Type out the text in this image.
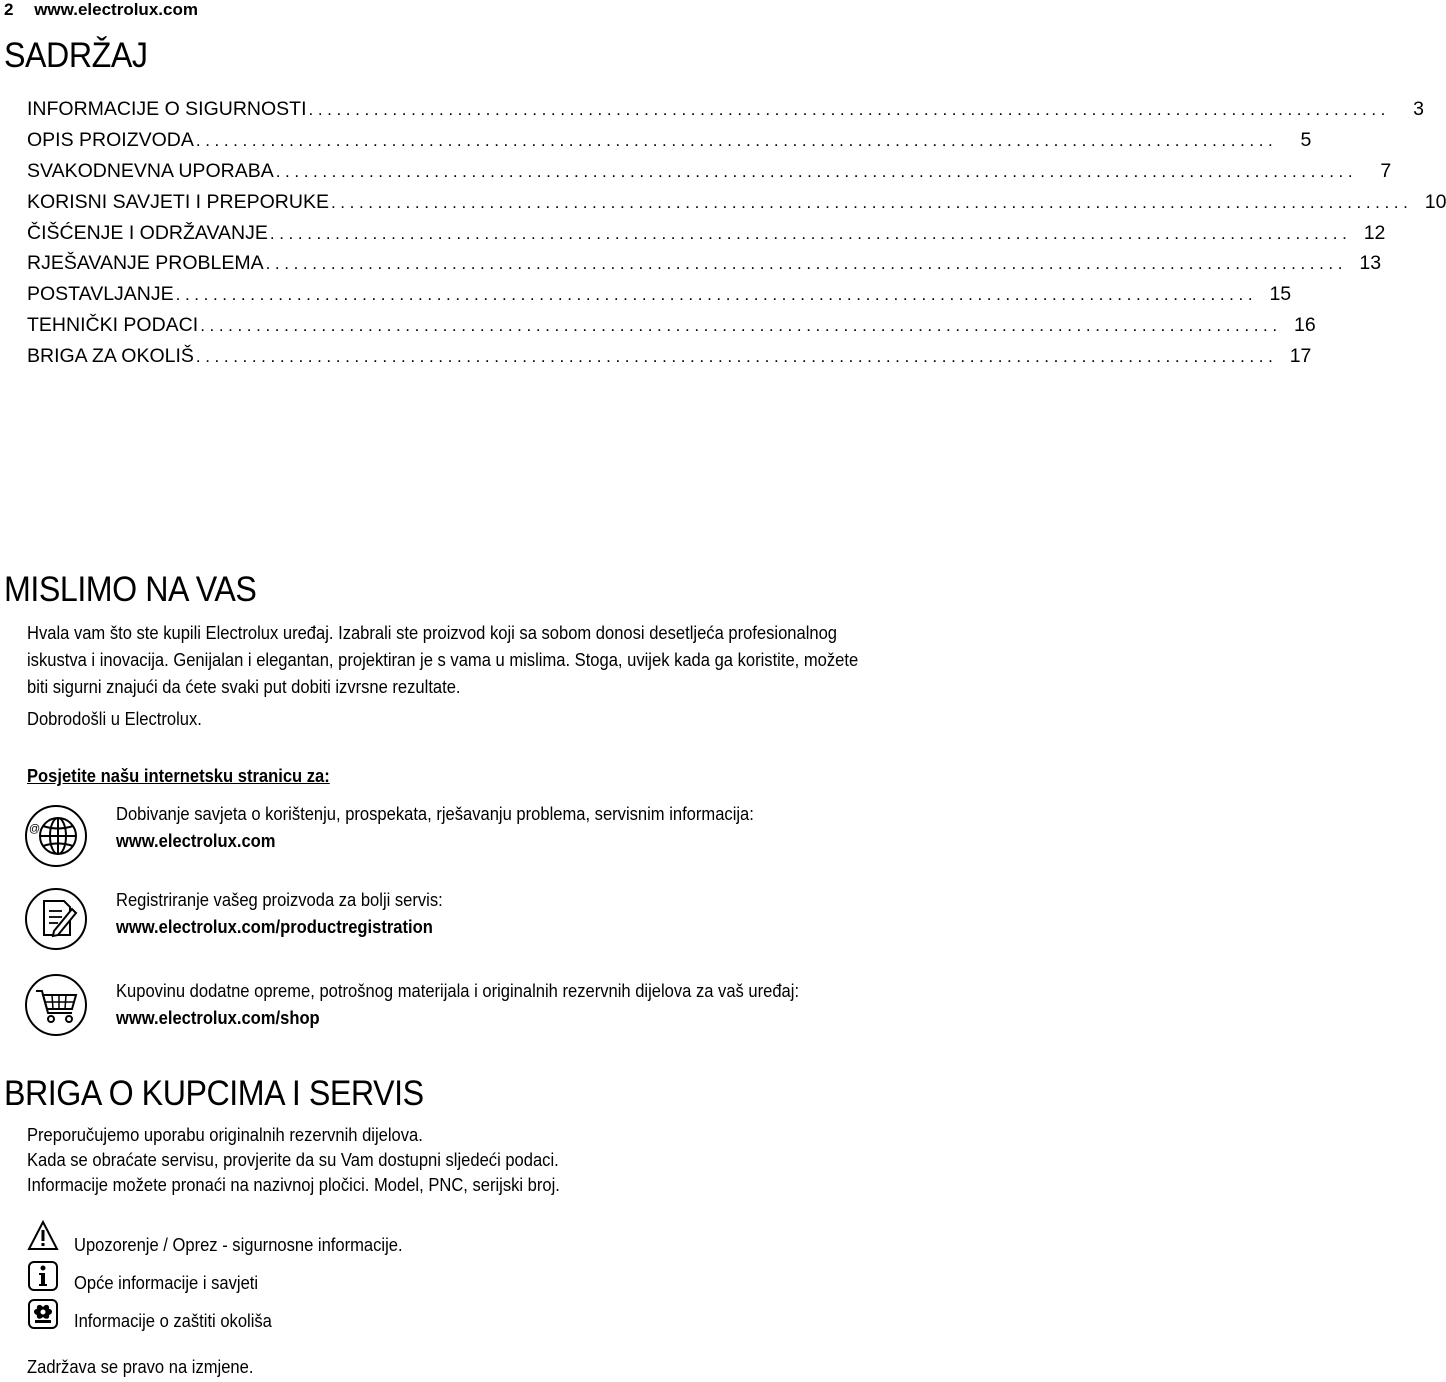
2 www.electrolux.com
SADRŽAJ
INFORMACIJE O SIGURNOSTI ....................................................................................................................	3
OPIS PROIZVODA ....................................................................................................................	5
SVAKODNEVNA UPORABA ....................................................................................................................	7
KORISNI SAVJETI I PREPORUKE .................................................................................................................... 10
ČIŠĆENJE I ODRŽAVANJE .................................................................................................................... 12
RJEŠAVANJE PROBLEMA .................................................................................................................... 13
POSTAVLJANJE .................................................................................................................... 15
TEHNIČKI PODACI .................................................................................................................... 16
BRIGA ZA OKOLIŠ .................................................................................................................... 17
MISLIMO NA VAS
Hvala vam što ste kupili Electrolux uređaj. Izabrali ste proizvod koji sa sobom donosi desetljeća profesionalnog
iskustva i inovacija. Genijalan i elegantan, projektiran je s vama u mislima. Stoga, uvijek kada ga koristite, možete
biti sigurni znajući da ćete svaki put dobiti izvrsne rezultate.
Dobrodošli u Electrolux.
Posjetite našu internetsku stranicu za:
@
Dobivanje savjeta o korištenju, prospekata, rješavanju problema, servisnim informacija:
www.electrolux.com
Registriranje vašeg proizvoda za bolji servis:
www.electrolux.com/productregistration
Kupovinu dodatne opreme, potrošnog materijala i originalnih rezervnih dijelova za vaš uređaj:
www.electrolux.com/shop
BRIGA O KUPCIMA I SERVIS
Preporučujemo uporabu originalnih rezervnih dijelova.
Kada se obraćate servisu, provjerite da su Vam dostupni sljedeći podaci.
Informacije možete pronaći na nazivnoj pločici. Model, PNC, serijski broj.
Upozorenje / Oprez - sigurnosne informacije.
Opće informacije i savjeti
Informacije o zaštiti okoliša
Zadržava se pravo na izmjene.
